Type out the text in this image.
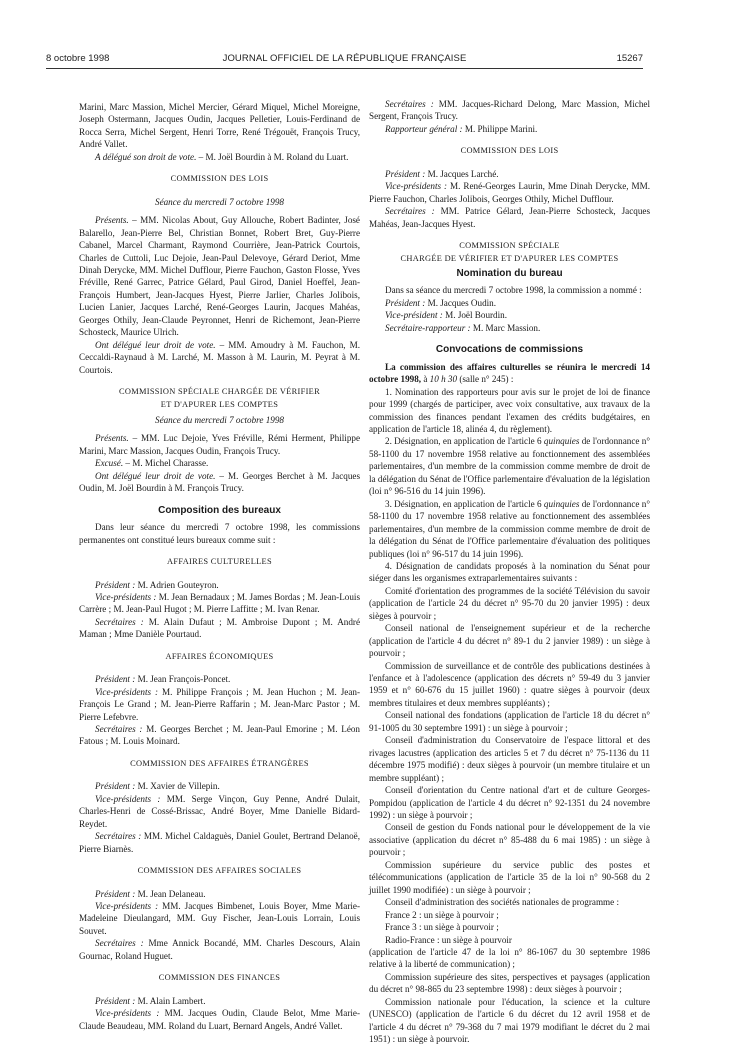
8 octobre 1998	JOURNAL OFFICIEL DE LA RÉPUBLIQUE FRANÇAISE	15267

Marini, Marc Massion, Michel Mercier, Gérard Miquel, Michel Moreigne, Joseph Ostermann, Jacques Oudin, Jacques Pelletier, Louis-Ferdinand de Rocca Serra, Michel Sergent, Henri Torre, René Trégouët, François Trucy, André Vallet.

A délégué son droit de vote. – M. Joël Bourdin à M. Roland du Luart.

COMMISSION DES LOIS

Séance du mercredi 7 octobre 1998

Présents. – MM. Nicolas About, Guy Allouche, Robert Badinter, José Balarello, Jean-Pierre Bel, Christian Bonnet, Robert Bret, Guy-Pierre Cabanel, Marcel Charmant, Raymond Courrière, Jean-Patrick Courtois, Charles de Cuttoli, Luc Dejoie, Jean-Paul Delevoye, Gérard Deriot, Mme Dinah Derycke, MM. Michel Dufflour, Pierre Fauchon, Gaston Flosse, Yves Fréville, René Garrec, Patrice Gélard, Paul Girod, Daniel Hoeffel, Jean-François Humbert, Jean-Jacques Hyest, Pierre Jarlier, Charles Jolibois, Lucien Lanier, Jacques Larché, René-Georges Laurin, Jacques Mahéas, Georges Othily, Jean-Claude Peyronnet, Henri de Richemont, Jean-Pierre Schosteck, Maurice Ulrich.

Ont délégué leur droit de vote. – MM. Amoudry à M. Fauchon, M. Ceccaldi-Raynaud à M. Larché, M. Masson à M. Laurin, M. Peyrat à M. Courtois.

COMMISSION SPÉCIALE CHARGÉE DE VÉRIFIER

ET D'APURER LES COMPTES

Séance du mercredi 7 octobre 1998

Présents. – MM. Luc Dejoie, Yves Fréville, Rémi Herment, Philippe Marini, Marc Massion, Jacques Oudin, François Trucy.

Excusé. – M. Michel Charasse.

Ont délégué leur droit de vote. – M. Georges Berchet à M. Jacques Oudin, M. Joël Bourdin à M. François Trucy.

Composition des bureaux

Dans leur séance du mercredi 7 octobre 1998, les commissions permanentes ont constitué leurs bureaux comme suit :

AFFAIRES CULTURELLES

Président : M. Adrien Gouteyron.

Vice-présidents : M. Jean Bernadaux ; M. James Bordas ; M. Jean-Louis Carrère ; M. Jean-Paul Hugot ; M. Pierre Laffitte ; M. Ivan Renar.

Secrétaires : M. Alain Dufaut ; M. Ambroise Dupont ; M. André Maman ; Mme Danièle Pourtaud.

AFFAIRES ÉCONOMIQUES

Président : M. Jean François-Poncet.

Vice-présidents : M. Philippe François ; M. Jean Huchon ; M. Jean-François Le Grand ; M. Jean-Pierre Raffarin ; M. Jean-Marc Pastor ; M. Pierre Lefebvre.

Secrétaires : M. Georges Berchet ; M. Jean-Paul Emorine ; M. Léon Fatous ; M. Louis Moinard.

COMMISSION DES AFFAIRES ÉTRANGÈRES

Président : M. Xavier de Villepin.

Vice-présidents : MM. Serge Vinçon, Guy Penne, André Dulait, Charles-Henri de Cossé-Brissac, André Boyer, Mme Danielle Bidard-Reydet.

Secrétaires : MM. Michel Caldaguès, Daniel Goulet, Bertrand Delanoë, Pierre Biarnès.

COMMISSION DES AFFAIRES SOCIALES

Président : M. Jean Delaneau.

Vice-présidents : MM. Jacques Bimbenet, Louis Boyer, Mme Marie-Madeleine Dieulangard, MM. Guy Fischer, Jean-Louis Lorrain, Louis Souvet.

Secrétaires : Mme Annick Bocandé, MM. Charles Descours, Alain Gournac, Roland Huguet.

COMMISSION DES FINANCES

Président : M. Alain Lambert.

Vice-présidents : MM. Jacques Oudin, Claude Belot, Mme Marie-Claude Beaudeau, MM. Roland du Luart, Bernard Angels, André Vallet.

Secrétaires : MM. Jacques-Richard Delong, Marc Massion, Michel Sergent, François Trucy.

Rapporteur général : M. Philippe Marini.

COMMISSION DES LOIS

Président : M. Jacques Larché.

Vice-présidents : M. René-Georges Laurin, Mme Dinah Derycke, MM. Pierre Fauchon, Charles Jolibois, Georges Othily, Michel Dufflour.

Secrétaires : MM. Patrice Gélard, Jean-Pierre Schosteck, Jacques Mahéas, Jean-Jacques Hyest.

COMMISSION SPÉCIALE

CHARGÉE DE VÉRIFIER ET D'APURER LES COMPTES

Nomination du bureau

Dans sa séance du mercredi 7 octobre 1998, la commission a nommé :

Président : M. Jacques Oudin.

Vice-président : M. Joël Bourdin.

Secrétaire-rapporteur : M. Marc Massion.

Convocations de commissions

La commission des affaires culturelles se réunira le mercredi 14 octobre 1998, à 10 h 30 (salle n° 245) :

1. Nomination des rapporteurs pour avis sur le projet de loi de finance pour 1999 (chargés de participer, avec voix consultative, aux travaux de la commission des finances pendant l'examen des crédits budgétaires, en application de l'article 18, alinéa 4, du règlement).

2. Désignation, en application de l'article 6 quinquies de l'ordonnance n° 58-1100 du 17 novembre 1958 relative au fonctionnement des assemblées parlementaires, d'un membre de la commission comme membre de droit de la délégation du Sénat de l'Office parlementaire d'évaluation de la législation (loi n° 96-516 du 14 juin 1996).

3. Désignation, en application de l'article 6 quinquies de l'ordonnance n° 58-1100 du 17 novembre 1958 relative au fonctionnement des assemblées parlementaires, d'un membre de la commission comme membre de droit de la délégation du Sénat de l'Office parlementaire d'évaluation des politiques publiques (loi n° 96-517 du 14 juin 1996).

4. Désignation de candidats proposés à la nomination du Sénat pour siéger dans les organismes extraparlementaires suivants :

Comité d'orientation des programmes de la société Télévision du savoir (application de l'article 24 du décret n° 95-70 du 20 janvier 1995) : deux sièges à pourvoir ;

Conseil national de l'enseignement supérieur et de la recherche (application de l'article 4 du décret n° 89-1 du 2 janvier 1989) : un siège à pourvoir ;

Commission de surveillance et de contrôle des publications destinées à l'enfance et à l'adolescence (application des décrets n° 59-49 du 3 janvier 1959 et n° 60-676 du 15 juillet 1960) : quatre sièges à pourvoir (deux membres titulaires et deux membres suppléants) ;

Conseil national des fondations (application de l'article 18 du décret n° 91-1005 du 30 septembre 1991) : un siège à pourvoir ;

Conseil d'administration du Conservatoire de l'espace littoral et des rivages lacustres (application des articles 5 et 7 du décret n° 75-1136 du 11 décembre 1975 modifié) : deux sièges à pourvoir (un membre titulaire et un membre suppléant) ;

Conseil d'orientation du Centre national d'art et de culture Georges-Pompidou (application de l'article 4 du décret n° 92-1351 du 24 novembre 1992) : un siège à pourvoir ;

Conseil de gestion du Fonds national pour le développement de la vie associative (application du décret n° 85-488 du 6 mai 1985) : un siège à pourvoir ;

Commission supérieure du service public des postes et télécommunications (application de l'article 35 de la loi n° 90-568 du 2 juillet 1990 modifiée) : un siège à pourvoir ;

Conseil d'administration des sociétés nationales de programme :

France 2 : un siège à pourvoir ;

France 3 : un siège à pourvoir ;

Radio-France : un siège à pourvoir

(application de l'article 47 de la loi n° 86-1067 du 30 septembre 1986 relative à la liberté de communication) ;

Commission supérieure des sites, perspectives et paysages (application du décret n° 98-865 du 23 septembre 1998) : deux sièges à pourvoir ;

Commission nationale pour l'éducation, la science et la culture (UNESCO) (application de l'article 6 du décret du 12 avril 1958 et de l'article 4 du décret n° 79-368 du 7 mai 1979 modifiant le décret du 2 mai 1951) : un siège à pourvoir.
